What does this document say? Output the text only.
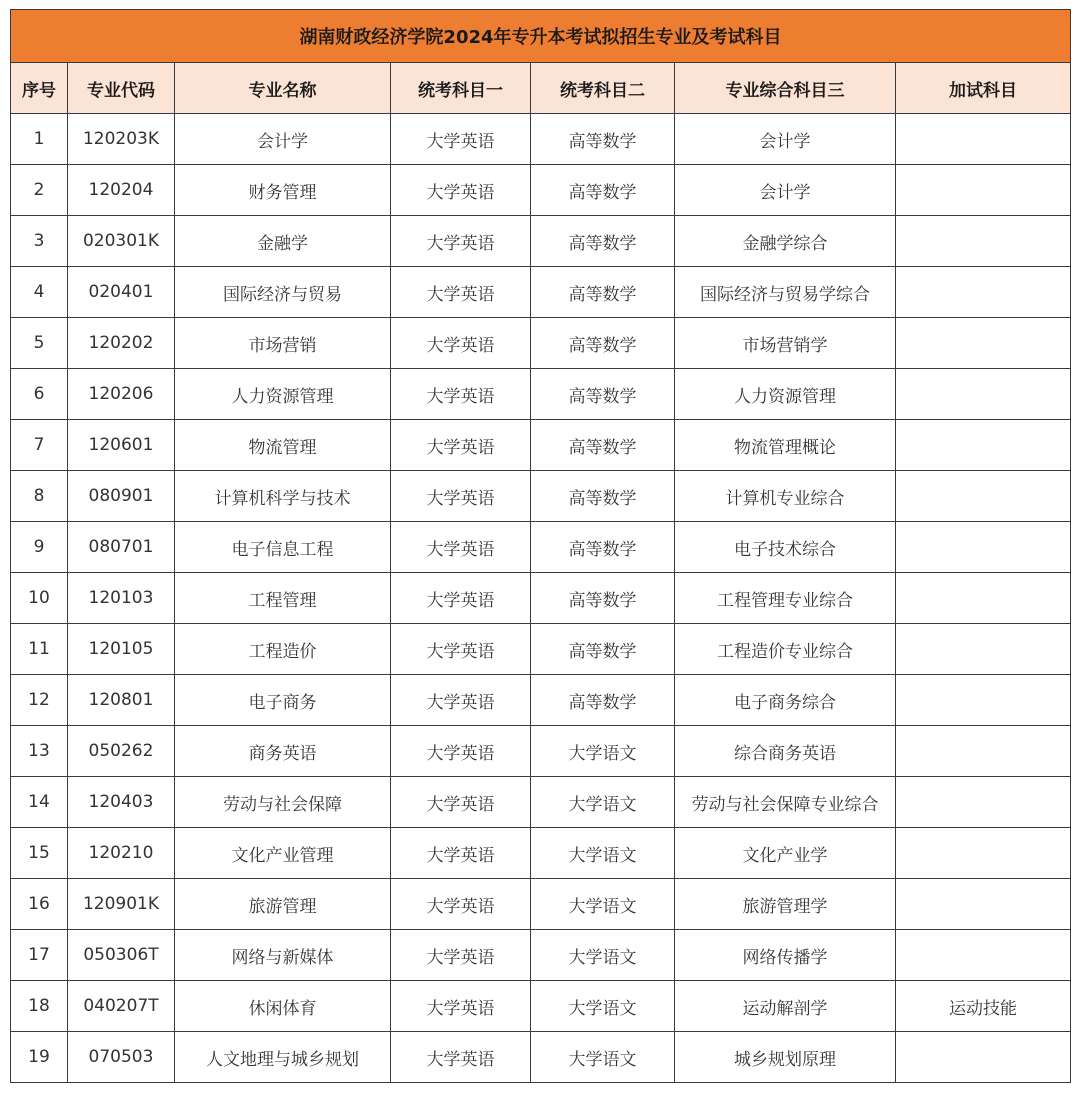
湖南财政经济学院2024年专升本考试拟招生专业及考试科目						
序号	专业代码	专业名称	统考科目一	统考科目二	专业综合科目三	加试科目
1	120203K	会计学	大学英语	高等数学	会计学	
2	120204	财务管理	大学英语	高等数学	会计学	
3	020301K	金融学	大学英语	高等数学	金融学综合	
4	020401	国际经济与贸易	大学英语	高等数学	国际经济与贸易学综合	
5	120202	市场营销	大学英语	高等数学	市场营销学	
6	120206	人力资源管理	大学英语	高等数学	人力资源管理	
7	120601	物流管理	大学英语	高等数学	物流管理概论	
8	080901	计算机科学与技术	大学英语	高等数学	计算机专业综合	
9	080701	电子信息工程	大学英语	高等数学	电子技术综合	
10	120103	工程管理	大学英语	高等数学	工程管理专业综合	
11	120105	工程造价	大学英语	高等数学	工程造价专业综合	
12	120801	电子商务	大学英语	高等数学	电子商务综合	
13	050262	商务英语	大学英语	大学语文	综合商务英语	
14	120403	劳动与社会保障	大学英语	大学语文	劳动与社会保障专业综合	
15	120210	文化产业管理	大学英语	大学语文	文化产业学	
16	120901K	旅游管理	大学英语	大学语文	旅游管理学	
17	050306T	网络与新媒体	大学英语	大学语文	网络传播学	
18	040207T	休闲体育	大学英语	大学语文	运动解剖学	运动技能
19	070503	人文地理与城乡规划	大学英语	大学语文	城乡规划原理	
